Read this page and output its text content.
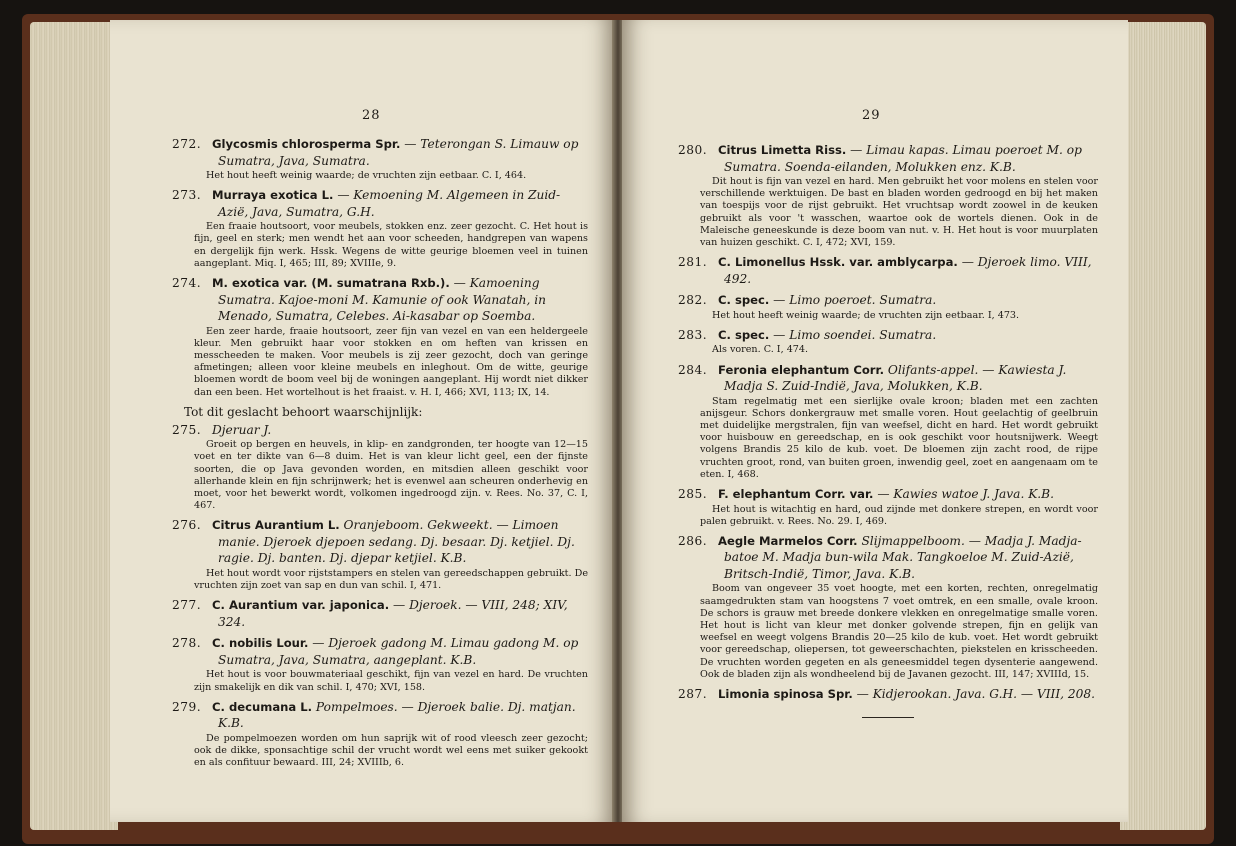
28
272. Glycosmis chlorosperma Spr. — Teterongan S. Limauw op Sumatra, Java, Sumatra.

Het hout heeft weinig waarde; de vruchten zijn eetbaar. C. I, 464.

273. Murraya exotica L. — Kemoening M. Algemeen in Zuid-Azië, Java, Sumatra, G.H.

Een fraaie houtsoort, voor meubels, stokken enz. zeer gezocht. C. Het hout is fijn, geel en sterk; men wendt het aan voor scheeden, handgrepen van wapens en dergelijk fijn werk. Hssk. Wegens de witte geurige bloemen veel in tuinen aangeplant. Miq. I, 465; III, 89; XVIIIe, 9.

274. M. exotica var. (M. sumatrana Rxb.). — Kamoening Sumatra. Kajoe-moni M. Kamunie of ook Wanatah, in Menado, Sumatra, Celebes. Ai-kasabar op Soemba.

Een zeer harde, fraaie houtsoort, zeer fijn van vezel en van een heldergeele kleur. Men gebruikt haar voor stokken en om heften van krissen en messcheeden te maken. Voor meubels is zij zeer gezocht, doch van geringe afmetingen; alleen voor kleine meubels en inleghout. Om de witte, geurige bloemen wordt de boom veel bij de woningen aangeplant. Hij wordt niet dikker dan een been. Het wortelhout is het fraaist. v. H. I, 466; XVI, 113; IX, 14.

Tot dit geslacht behoort waarschijnlijk:
275. Djeruar J.

Groeit op bergen en heuvels, in klip- en zandgronden, ter hoogte van 12—15 voet en ter dikte van 6—8 duim. Het is van kleur licht geel, een der fijnste soorten, die op Java gevonden worden, en mitsdien alleen geschikt voor allerhande klein en fijn schrijnwerk; het is evenwel aan scheuren onderhevig en moet, voor het bewerkt wordt, volkomen ingedroogd zijn. v. Rees. No. 37, C. I, 467.

276. Citrus Aurantium L. Oranjeboom. Gekweekt. — Limoen manie. Djeroek djepoen sedang. Dj. besaar. Dj. ketjiel. Dj. ragie. Dj. banten. Dj. djepar ketjiel. K.B.

Het hout wordt voor rijststampers en stelen van gereedschappen gebruikt. De vruchten zijn zoet van sap en dun van schil. I, 471.

277. C. Aurantium var. japonica. — Djeroek. — VIII, 248; XIV, 324.
278. C. nobilis Lour. — Djeroek gadong M. Limau gadong M. op Sumatra, Java, Sumatra, aangeplant. K.B.

Het hout is voor bouwmateriaal geschikt, fijn van vezel en hard. De vruchten zijn smakelijk en dik van schil. I, 470; XVI, 158.

279. C. decumana L. Pompelmoes. — Djeroek balie. Dj. matjan. K.B.

De pompelmoezen worden om hun saprijk wit of rood vleesch zeer gezocht; ook de dikke, sponsachtige schil der vrucht wordt wel eens met suiker gekookt en als confituur bewaard. III, 24; XVIIIb, 6.

29
280. Citrus Limetta Riss. — Limau kapas. Limau poeroet M. op Sumatra. Soenda-eilanden, Molukken enz. K.B.

Dit hout is fijn van vezel en hard. Men gebruikt het voor molens en stelen voor verschillende werktuigen. De bast en bladen worden gedroogd en bij het maken van toespijs voor de rijst gebruikt. Het vruchtsap wordt zoowel in de keuken gebruikt als voor 't wasschen, waartoe ook de wortels dienen. Ook in de Maleische geneeskunde is deze boom van nut. v. H. Het hout is voor muurplaten van huizen geschikt. C. I, 472; XVI, 159.

281. C. Limonellus Hssk. var. amblycarpa. — Djeroek limo. VIII, 492.
282. C. spec. — Limo poeroet. Sumatra.

Het hout heeft weinig waarde; de vruchten zijn eetbaar. I, 473.

283. C. spec. — Limo soendei. Sumatra.

Als voren. C. I, 474.

284. Feronia elephantum Corr. Olifants-appel. — Kawiesta J. Madja S. Zuid-Indië, Java, Molukken, K.B.

Stam regelmatig met een sierlijke ovale kroon; bladen met een zachten anijsgeur. Schors donkergrauw met smalle voren. Hout geelachtig of geelbruin met duidelijke mergstralen, fijn van weefsel, dicht en hard. Het wordt gebruikt voor huisbouw en gereedschap, en is ook geschikt voor houtsnijwerk. Weegt volgens Brandis 25 kilo de kub. voet. De bloemen zijn zacht rood, de rijpe vruchten groot, rond, van buiten groen, inwendig geel, zoet en aangenaam om te eten. I, 468.

285. F. elephantum Corr. var. — Kawies watoe J. Java. K.B.

Het hout is witachtig en hard, oud zijnde met donkere strepen, en wordt voor palen gebruikt. v. Rees. No. 29. I, 469.

286. Aegle Marmelos Corr. Slijmappelboom. — Madja J. Madja-batoe M. Madja bun-wila Mak. Tangkoeloe M. Zuid-Azië, Britsch-Indië, Timor, Java. K.B.

Boom van ongeveer 35 voet hoogte, met een korten, rechten, onregelmatig saamgedrukten stam van hoogstens 7 voet omtrek, en een smalle, ovale kroon. De schors is grauw met breede donkere vlekken en onregelmatige smalle voren. Het hout is licht van kleur met donker golvende strepen, fijn en gelijk van weefsel en weegt volgens Brandis 20—25 kilo de kub. voet. Het wordt gebruikt voor gereedschap, oliepersen, tot geweerschachten, piekstelen en krisscheeden. De vruchten worden gegeten en als geneesmiddel tegen dysenterie aangewend. Ook de bladen zijn als wondheelend bij de Javanen gezocht. III, 147; XVIIId, 15.

287. Limonia spinosa Spr. — Kidjerookan. Java. G.H. — VIII, 208.
